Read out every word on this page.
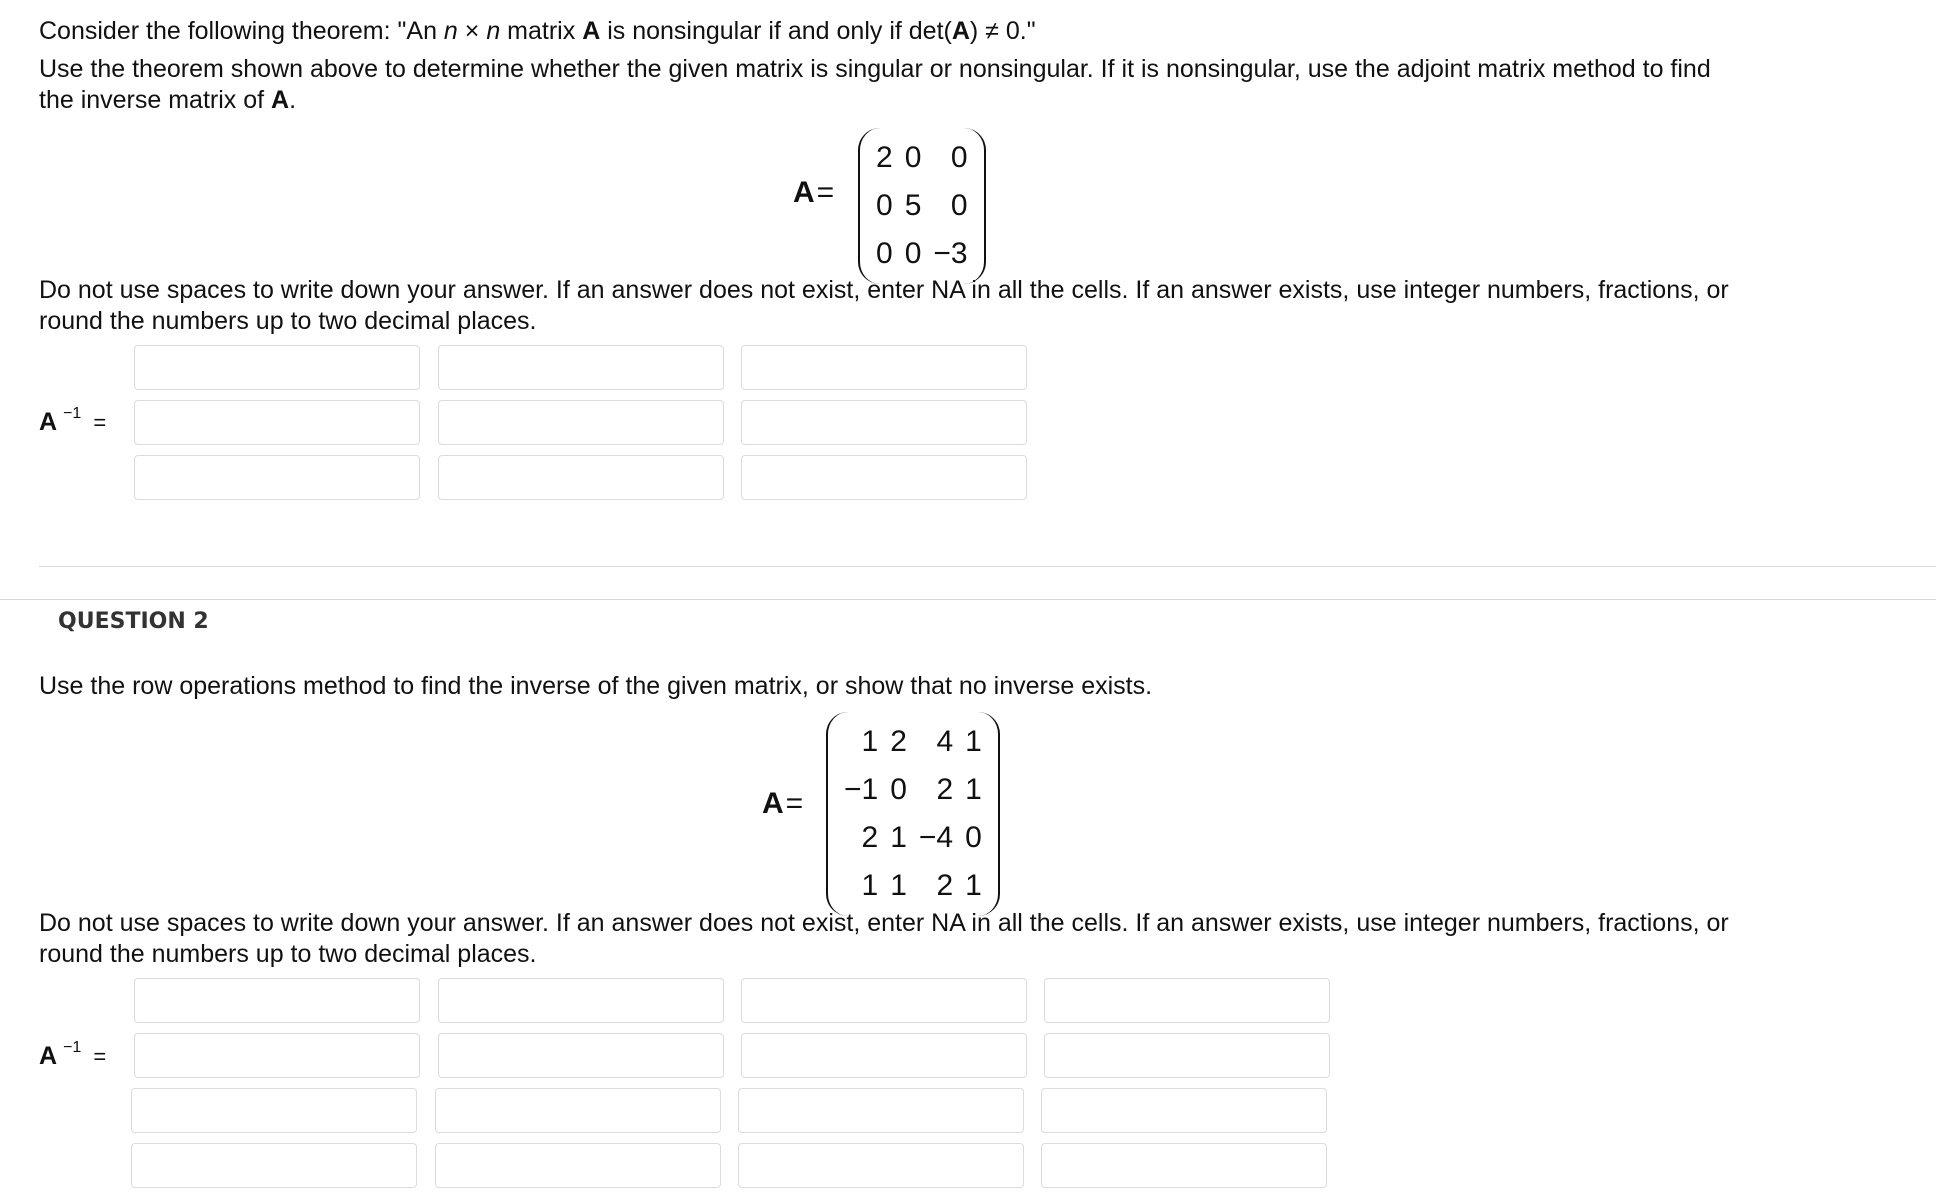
Consider the following theorem: "An n × n matrix A is nonsingular if and only if det(A) ≠ 0."
Use the theorem shown above to determine whether the given matrix is singular or nonsingular. If it is nonsingular, use the adjoint matrix method to find
the inverse matrix of A.
A=
2	0	0
0	5	0
0	0	−3
Do not use spaces to write down your answer. If an answer does not exist, enter NA in all the cells. If an answer exists, use integer numbers, fractions, or
round the numbers up to two decimal places.
A $^{-1}$ =
QUESTION 2
Use the row operations method to find the inverse of the given matrix, or show that no inverse exists.
A=
1	2	4	1
−1	0	2	1
2	1	−4	0
1	1	2	1
Do not use spaces to write down your answer. If an answer does not exist, enter NA in all the cells. If an answer exists, use integer numbers, fractions, or
round the numbers up to two decimal places.
A $^{-1}$ =
